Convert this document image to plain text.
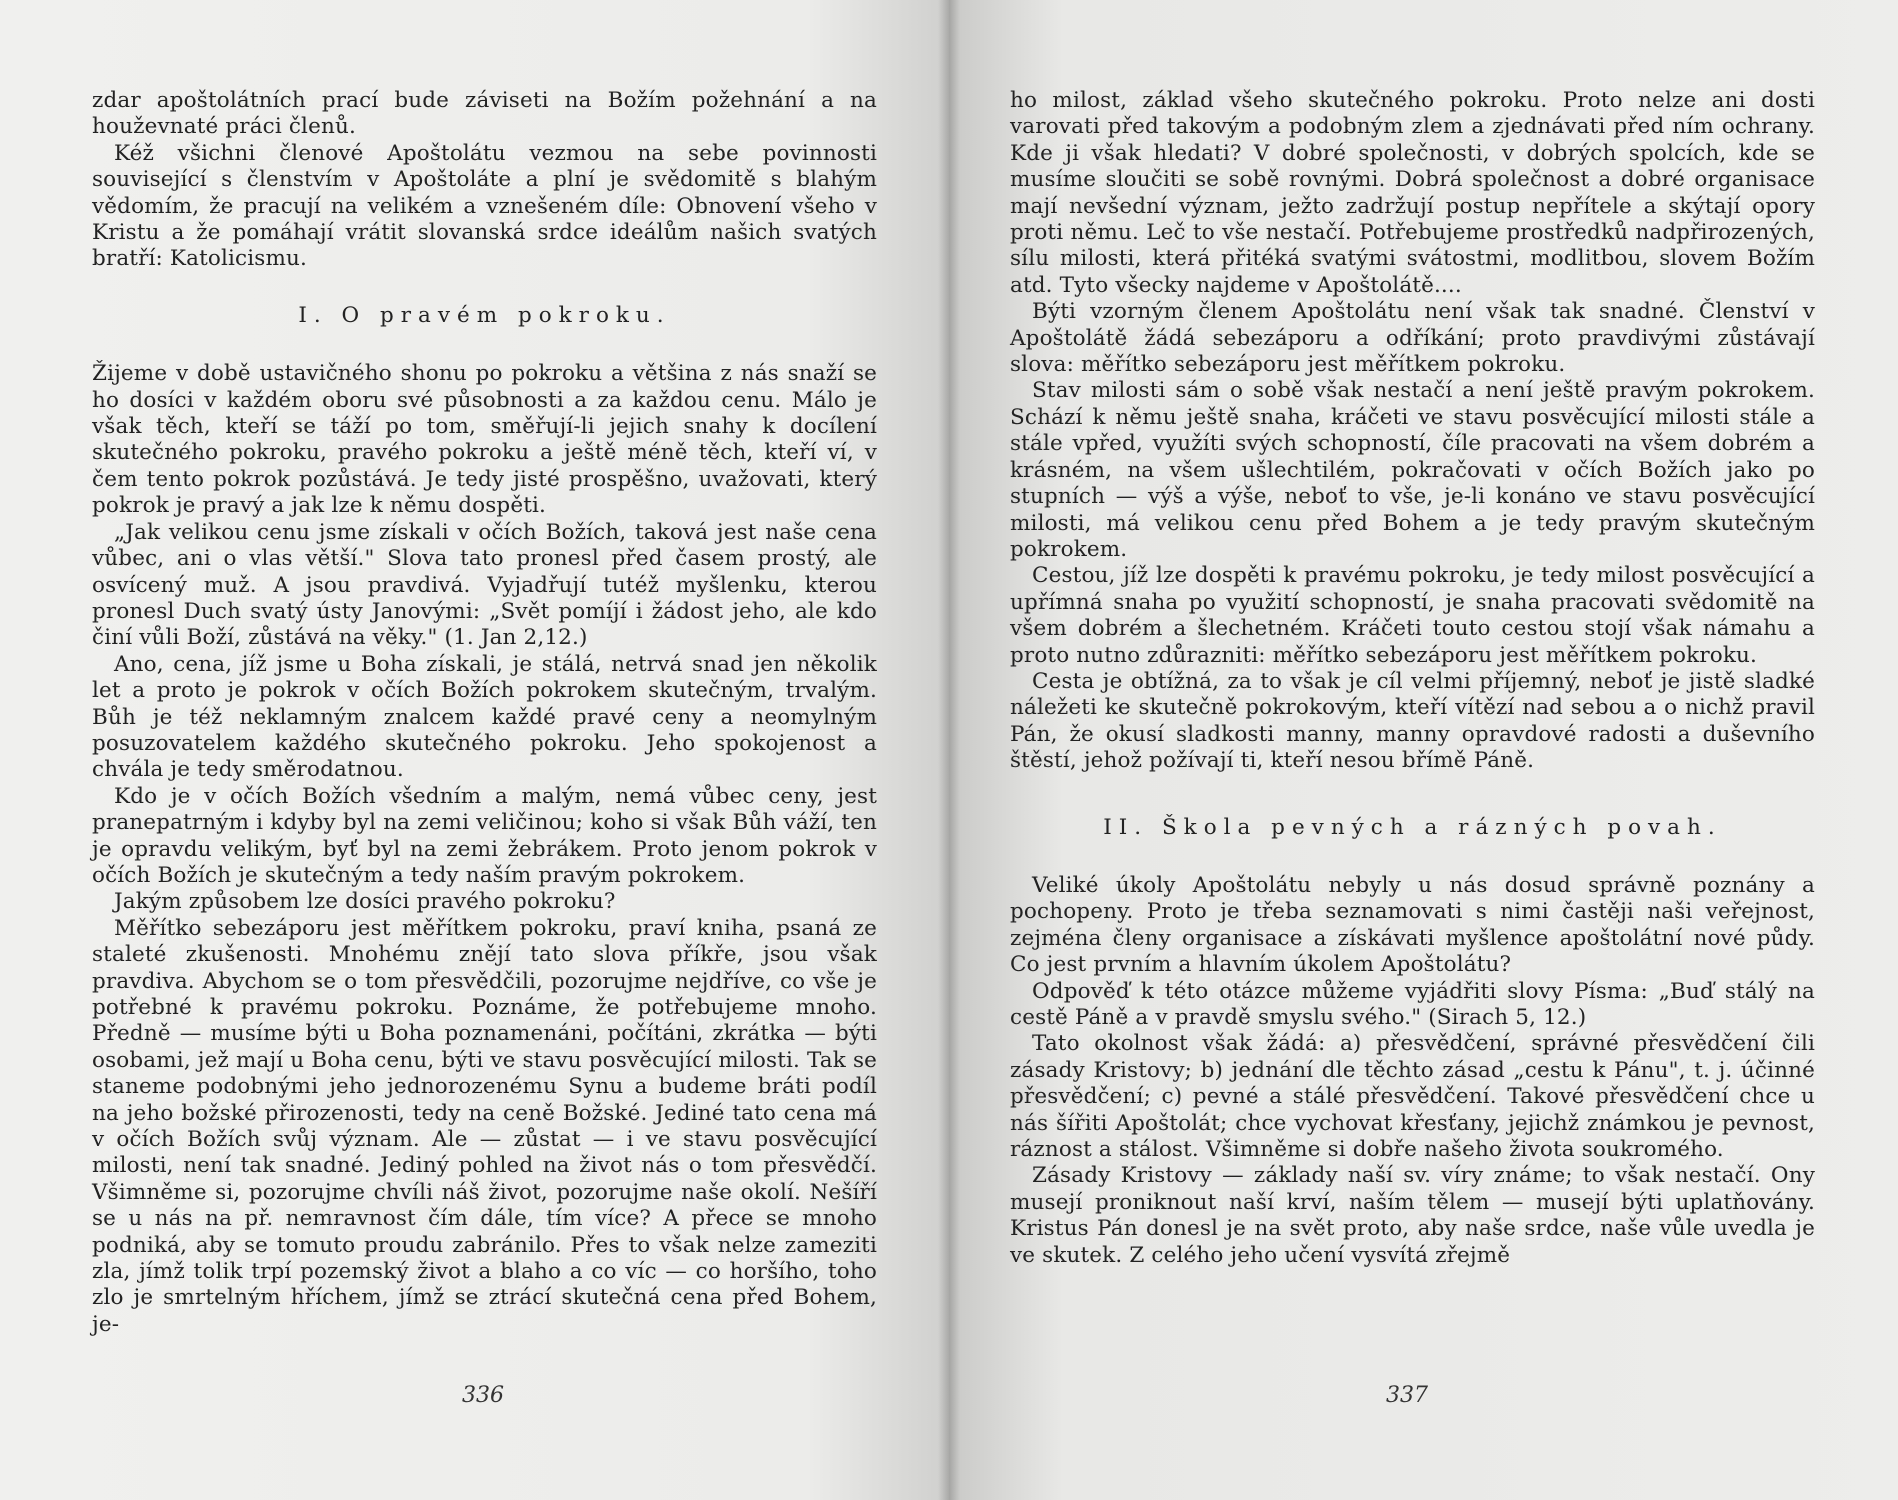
zdar apoštolátních prací bude záviseti na Božím požehnání a na houževnaté práci členů.

Kéž všichni členové Apoštolátu vezmou na sebe povinnosti související s členstvím v Apoštoláte a plní je svědomitě s blahým vědomím, že pracují na velikém a vznešeném díle: Obnovení všeho v Kristu a že pomáhají vrátit slovanská srdce ideálům našich svatých bratří: Katolicismu.

I. O pravém pokroku.

Žijeme v době ustavičného shonu po pokroku a většina z nás snaží se ho dosíci v každém oboru své působnosti a za každou cenu. Málo je však těch, kteří se táží po tom, směřují-li jejich snahy k docílení skutečného pokroku, pravého pokroku a ještě méně těch, kteří ví, v čem tento pokrok pozůstává. Je tedy jisté prospěšno, uvažovati, který pokrok je pravý a jak lze k němu dospěti.

„Jak velikou cenu jsme získali v očích Božích, taková jest naše cena vůbec, ani o vlas větší." Slova tato pronesl před časem prostý, ale osvícený muž. A jsou pravdivá. Vyjadřují tutéž myšlenku, kterou pronesl Duch svatý ústy Janovými: „Svět pomíjí i žádost jeho, ale kdo činí vůli Boží, zůstává na věky." (1. Jan 2,12.)

Ano, cena, jíž jsme u Boha získali, je stálá, netrvá snad jen několik let a proto je pokrok v očích Božích pokrokem skutečným, trvalým. Bůh je též neklamným znalcem každé pravé ceny a neomylným posuzovatelem každého skutečného pokroku. Jeho spokojenost a chvála je tedy směrodatnou.

Kdo je v očích Božích všedním a malým, nemá vůbec ceny, jest pranepatrným i kdyby byl na zemi veličinou; koho si však Bůh váží, ten je opravdu velikým, byť byl na zemi žebrákem. Proto jenom pokrok v očích Božích je skutečným a tedy naším pravým pokrokem.

Jakým způsobem lze dosíci pravého pokroku?

Měřítko sebezáporu jest měřítkem pokroku, praví kniha, psaná ze staleté zkušenosti. Mnohému znějí tato slova příkře, jsou však pravdiva. Abychom se o tom přesvědčili, pozorujme nejdříve, co vše je potřebné k pravému pokroku. Poznáme, že potřebujeme mnoho. Předně — musíme býti u Boha poznamenáni, počítáni, zkrátka — býti osobami, jež mají u Boha cenu, býti ve stavu posvěcující milosti. Tak se staneme podobnými jeho jednorozenému Synu a budeme bráti podíl na jeho božské přirozenosti, tedy na ceně Božské. Jediné tato cena má v očích Božích svůj význam. Ale — zůstat — i ve stavu posvěcující milosti, není tak snadné. Jediný pohled na život nás o tom přesvědčí. Všimněme si, pozorujme chvíli náš život, pozorujme naše okolí. Nešíří se u nás na př. nemravnost čím dále, tím více? A přece se mnoho podniká, aby se tomuto proudu zabránilo. Přes to však nelze zameziti zla, jímž tolik trpí pozemský život a blaho a co víc — co horšího, toho zlo je smrtelným hříchem, jímž se ztrácí skutečná cena před Bohem, je-

336

ho milost, základ všeho skutečného pokroku. Proto nelze ani dosti varovati před takovým a podobným zlem a zjednávati před ním ochrany. Kde ji však hledati? V dobré společnosti, v dobrých spolcích, kde se musíme sloučiti se sobě rovnými. Dobrá společnost a dobré organisace mají nevšední význam, ježto zadržují postup nepřítele a skýtají opory proti němu. Leč to vše nestačí. Potřebujeme prostředků nadpřirozených, sílu milosti, která přitéká svatými svátostmi, modlitbou, slovem Božím atd. Tyto všecky najdeme v Apoštolátě....

Býti vzorným členem Apoštolátu není však tak snadné. Členství v Apoštolátě žádá sebezáporu a odříkání; proto pravdivými zůstávají slova: měřítko sebezáporu jest měřítkem pokroku.

Stav milosti sám o sobě však nestačí a není ještě pravým pokrokem. Schází k němu ještě snaha, kráčeti ve stavu posvěcující milosti stále a stále vpřed, využíti svých schopností, číle pracovati na všem dobrém a krásném, na všem ušlechtilém, pokračovati v očích Božích jako po stupních — výš a výše, neboť to vše, je-li konáno ve stavu posvěcující milosti, má velikou cenu před Bohem a je tedy pravým skutečným pokrokem.

Cestou, jíž lze dospěti k pravému pokroku, je tedy milost posvěcující a upřímná snaha po využití schopností, je snaha pracovati svědomitě na všem dobrém a šlechetném. Kráčeti touto cestou stojí však námahu a proto nutno zdůrazniti: měřítko sebezáporu jest měřítkem pokroku.

Cesta je obtížná, za to však je cíl velmi příjemný, neboť je jistě sladké náležeti ke skutečně pokrokovým, kteří vítězí nad sebou a o nichž pravil Pán, že okusí sladkosti manny, manny opravdové radosti a duševního štěstí, jehož požívají ti, kteří nesou břímě Páně.

II. Škola pevných a rázných povah.

Veliké úkoly Apoštolátu nebyly u nás dosud správně poznány a pochopeny. Proto je třeba seznamovati s nimi častěji naši veřejnost, zejména členy organisace a získávati myšlence apoštolátní nové půdy. Co jest prvním a hlavním úkolem Apoštolátu?

Odpověď k této otázce můžeme vyjádřiti slovy Písma: „Buď stálý na cestě Páně a v pravdě smyslu svého." (Sirach 5, 12.)

Tato okolnost však žádá: a) přesvědčení, správné přesvědčení čili zásady Kristovy; b) jednání dle těchto zásad „cestu k Pánu", t. j. účinné přesvědčení; c) pevné a stálé přesvědčení. Takové přesvědčení chce u nás šířiti Apoštolát; chce vychovat křesťany, jejichž známkou je pevnost, ráznost a stálost. Všimněme si dobře našeho života soukromého.

Zásady Kristovy — základy naší sv. víry známe; to však nestačí. Ony musejí proniknout naší krví, naším tělem — musejí býti uplatňovány. Kristus Pán donesl je na svět proto, aby naše srdce, naše vůle uvedla je ve skutek. Z celého jeho učení vysvítá zřejmě

337
